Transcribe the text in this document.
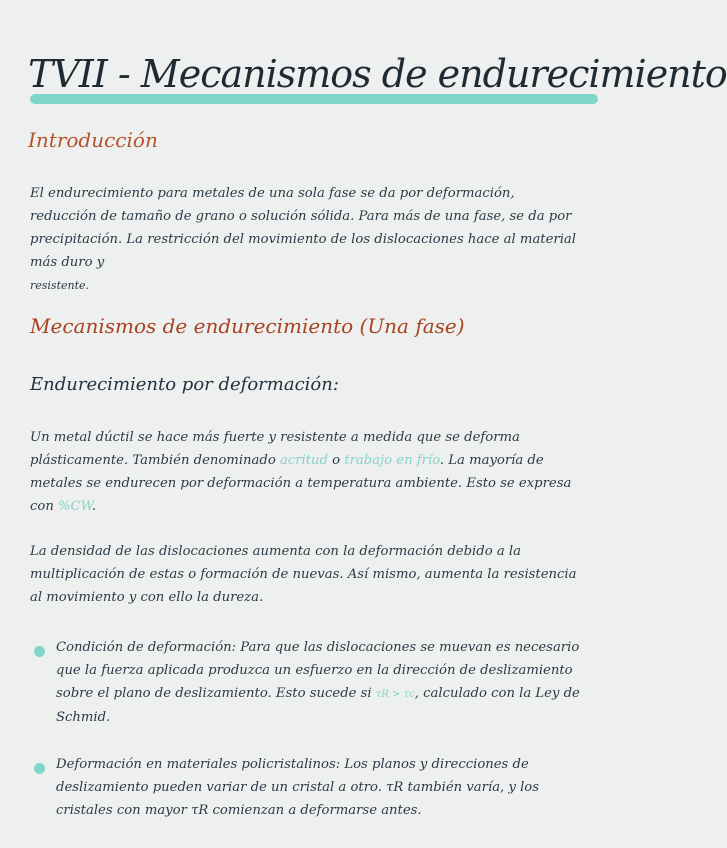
TVII - Mecanismos de endurecimiento
Introducción

El endurecimiento para metales de una sola fase se da por deformación, reducción de tamaño de grano o solución sólida. Para más de una fase, se da por precipitación. La restricción del movimiento de los dislocaciones hace al material más duro y
resistente.

Mecanismos de endurecimiento (Una fase)
Endurecimiento por deformación:

Un metal dúctil se hace más fuerte y resistente a medida que se deforma plásticamente. También denominado acritud o trabajo en frío. La mayoría de metales se endurecen por deformación a temperatura ambiente. Esto se expresa con %CW.

La densidad de las dislocaciones aumenta con la deformación debido a la multiplicación de estas o formación de nuevas. Así mismo, aumenta la resistencia al movimiento y con ello la dureza.

Condición de deformación: Para que las dislocaciones se muevan es necesario que la fuerza aplicada produzca un esfuerzo en la dirección de deslizamiento sobre el plano de deslizamiento. Esto sucede si τR > τc, calculado con la Ley de Schmid.
Deformación en materiales policristalinos: Los planos y direcciones de deslizamiento pueden variar de un cristal a otro. τR también varía, y los cristales con mayor τR comienzan a deformarse antes.
